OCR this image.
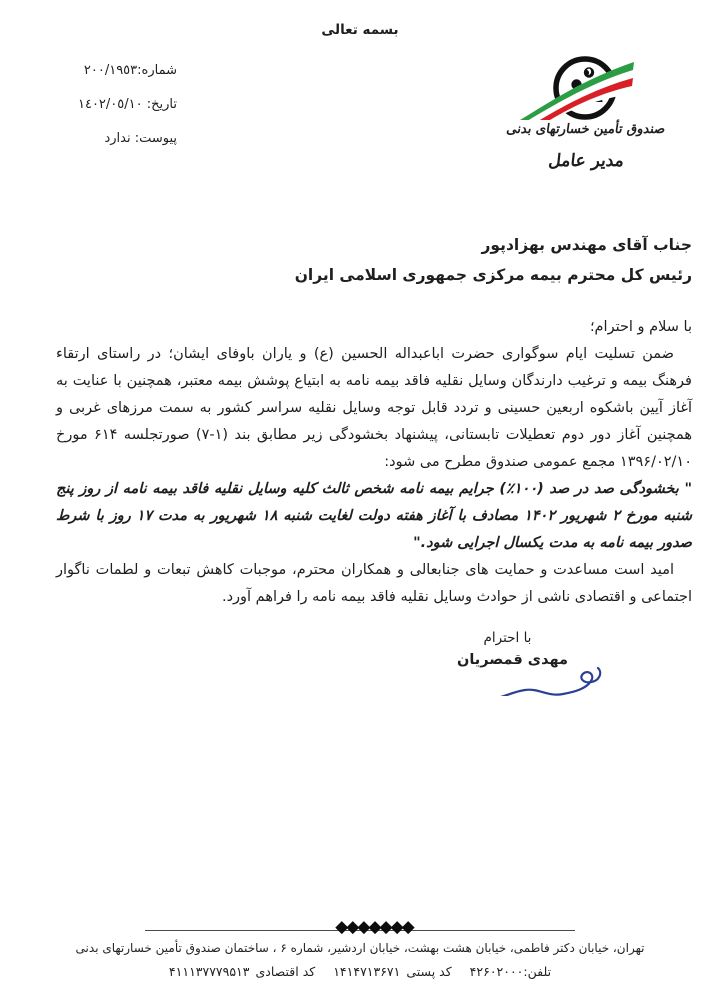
بسمه تعالی
شماره:٢٠٠/١٩٥٣
تاریخ: ١٤٠٢/٠٥/١٠
پیوست: ندارد
صندوق تأمین خسارتهای بدنی
مدیر عامل
جناب آقای مهندس بهزادپور
رئیس کل محترم بیمه مرکزی جمهوری اسلامی ایران

با سلام و احترام؛

ضمن تسلیت ایام سوگواری حضرت اباعبداله الحسین (ع) و یاران باوفای ایشان؛ در راستای ارتقاء فرهنگ بیمه و ترغیب دارندگان وسایل نقلیه فاقد بیمه نامه به ابتیاع پوشش بیمه معتبر، همچنین با عنایت به آغاز آیین باشکوه اربعین حسینی و تردد قابل توجه وسایل نقلیه سراسر کشور به سمت مرزهای غربی و همچنین آغاز دور دوم تعطیلات تابستانی، پیشنهاد بخشودگی زیر مطابق بند (۱-۷) صورتجلسه ۶۱۴ مورخ ۱۳۹۶/۰۲/۱۰ مجمع عمومی صندوق مطرح می شود:

" بخشودگی صد در صد (۱۰۰٪) جرایم بیمه نامه شخص ثالث کلیه وسایل نقلیه فاقد بیمه نامه از روز پنج شنبه مورخ ۲ شهریور ۱۴۰۲ مصادف با آغاز هفته دولت لغایت شنبه ۱۸ شهریور به مدت ۱۷ روز با شرط صدور بیمه نامه به مدت یکسال اجرایی شود."

امید است مساعدت و حمایت های جنابعالی و همکاران محترم، موجبات کاهش تبعات و لطمات ناگوار اجتماعی و اقتصادی ناشی از حوادث وسایل نقلیه فاقد بیمه نامه را فراهم آورد.

با احترام
مهدی قمصریان
◆◆◆◆◆◆◆
تهران، خیابان دکتر فاطمی، خیابان هشت بهشت، خیابان اردشیر، شماره ۶ ، ساختمان صندوق تأمین خسارتهای بدنی
تلفن:۴۲۶۰۲۰۰۰کد پستی۱۴۱۴۷۱۳۶۷۱کد اقتصادی۴۱۱۱۳۷۷۷۹۵۱۳
